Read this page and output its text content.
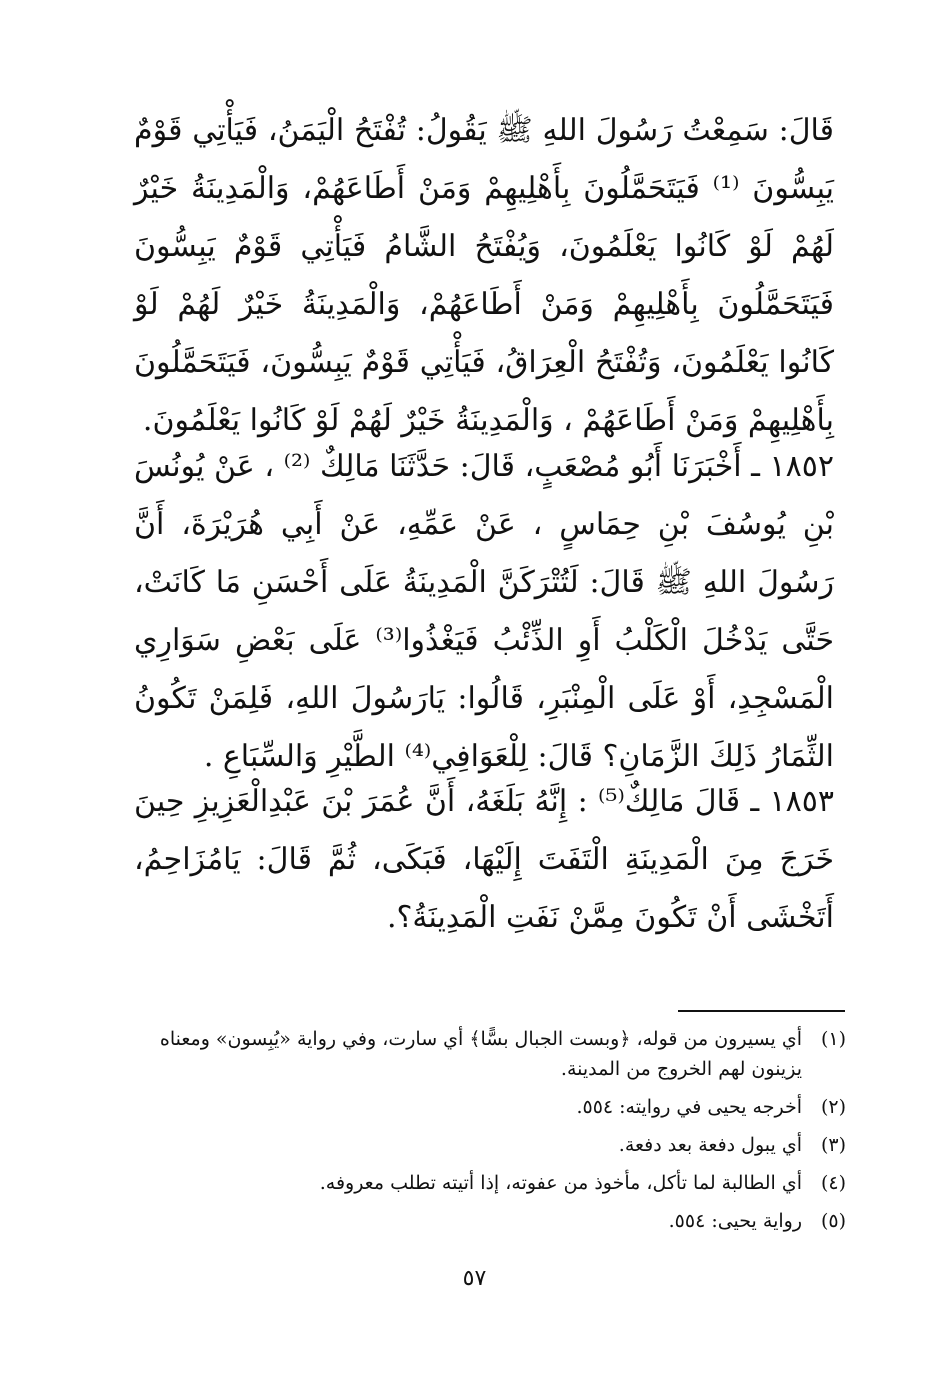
قَالَ: سَمِعْتُ رَسُولَ اللهِ ﷺ يَقُولُ: تُفْتَحُ الْيَمَنُ، فَيَأْتِي قَوْمٌ يَبِسُّونَ ⁽¹⁾ فَيَتَحَمَّلُونَ بِأَهْلِيهِمْ وَمَنْ أَطَاعَهُمْ، وَالْمَدِينَةُ خَيْرٌ لَهُمْ لَوْ كَانُوا يَعْلَمُونَ، وَيُفْتَحُ الشَّامُ فَيَأْتِي قَوْمٌ يَبِسُّونَ فَيَتَحَمَّلُونَ بِأَهْلِيهِمْ وَمَنْ أَطَاعَهُمْ، وَالْمَدِينَةُ خَيْرٌ لَهُمْ لَوْ كَانُوا يَعْلَمُونَ، وَتُفْتَحُ الْعِرَاقُ، فَيَأْتِي قَوْمٌ يَبِسُّونَ، فَيَتَحَمَّلُونَ بِأَهْلِيهِمْ وَمَنْ أَطَاعَهُمْ ، وَالْمَدِينَةُ خَيْرٌ لَهُمْ لَوْ كَانُوا يَعْلَمُونَ.

١٨٥٢ ـ أَخْبَرَنَا أَبُو مُصْعَبٍ، قَالَ: حَدَّثَنَا مَالِكٌ ⁽²⁾ ، عَنْ يُونُسَ بْنِ يُوسُفَ بْنِ حِمَاسٍ ، عَنْ عَمِّهِ، عَنْ أَبِي هُرَيْرَةَ، أَنَّ رَسُولَ اللهِ ﷺ قَالَ: لَتُتْرَكَنَّ الْمَدِينَةُ عَلَى أَحْسَنِ مَا كَانَتْ، حَتَّى يَدْخُلَ الْكَلْبُ أَوِ الذِّئْبُ فَيَغْذُوا⁽³⁾ عَلَى بَعْضِ سَوَارِي الْمَسْجِدِ، أَوْ عَلَى الْمِنْبَرِ، قَالُوا: يَارَسُولَ اللهِ، فَلِمَنْ تَكُونُ الثِّمَارُ ذَلِكَ الزَّمَانِ؟ قَالَ: لِلْعَوَافِي⁽⁴⁾ الطَّيْرِ وَالسِّبَاعِ .

١٨٥٣ ـ قَالَ مَالِكٌ⁽⁵⁾ : إِنَّهُ بَلَغَهُ، أَنَّ عُمَرَ بْنَ عَبْدِالْعَزِيزِ حِينَ خَرَجَ مِنَ الْمَدِينَةِ الْتَفَتَ إِلَيْهَا، فَبَكَى، ثُمَّ قَالَ: يَامُزَاحِمُ، أَتَخْشَى أَنْ تَكُونَ مِمَّنْ نَفَتِ الْمَدِينَةُ؟.

(١)
أي يسيرون من قوله، ﴿وبست الجبال بسًّا﴾ أي سارت، وفي رواية «يُبِسون» ومعناه يزينون لهم الخروج من المدينة.
(٢)
أخرجه يحيى في روايته: ٥٥٤.
(٣)
أي يبول دفعة بعد دفعة.
(٤)
أي الطالبة لما تأكل، مأخوذ من عفوته، إذا أتيته تطلب معروفه.
(٥)
رواية يحيى: ٥٥٤.
٥٧
